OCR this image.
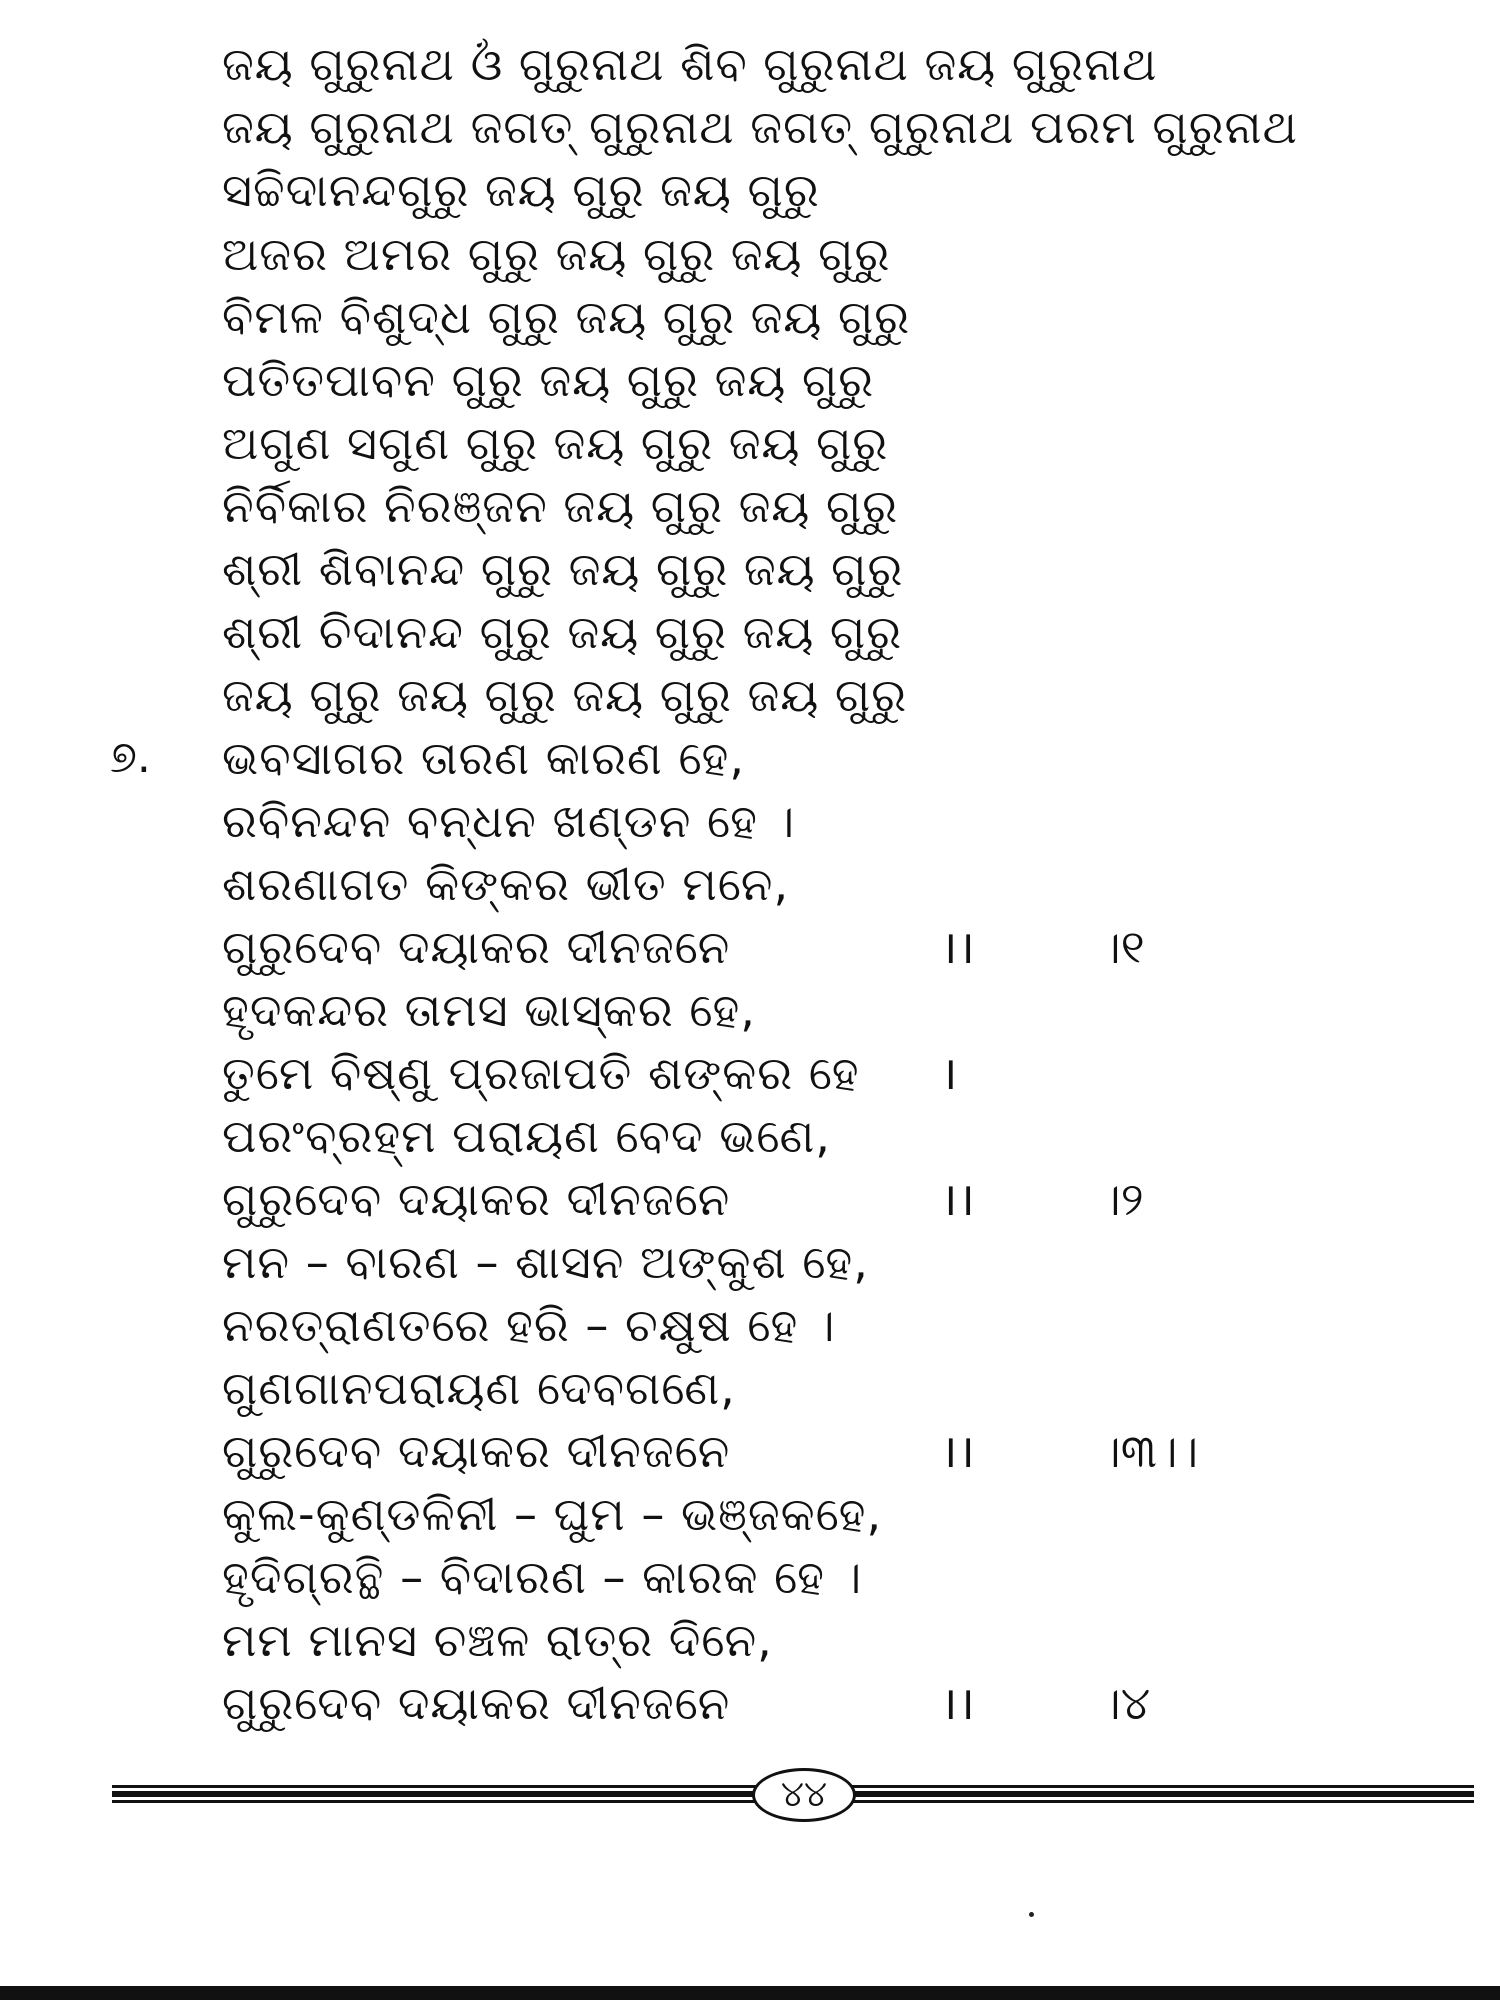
ଜୟ ଗୁରୁନାଥ ଓଁ ଗୁରୁନାଥ ଶିବ ଗୁରୁନାଥ ଜୟ ଗୁରୁନାଥ
ଜୟ ଗୁରୁନାଥ ଜଗତ୍ ଗୁରୁନାଥ ଜଗତ୍ ଗୁରୁନାଥ ପରମ ଗୁରୁନାଥ
ସଚ୍ଚିଦାନନ୍ଦଗୁରୁ ଜୟ ଗୁରୁ ଜୟ ଗୁରୁ
ଅଜର ଅମର ଗୁରୁ ଜୟ ଗୁରୁ ଜୟ ଗୁରୁ
ବିମଳ ବିଶୁଦ୍ଧ ଗୁରୁ ଜୟ ଗୁରୁ ଜୟ ଗୁରୁ
ପତିତପାବନ ଗୁରୁ ଜୟ ଗୁରୁ ଜୟ ଗୁରୁ
ଅଗୁଣ ସଗୁଣ ଗୁରୁ ଜୟ ଗୁରୁ ଜୟ ଗୁରୁ
ନିର୍ବିକାର ନିରଞ୍ଜନ ଜୟ ଗୁରୁ ଜୟ ଗୁରୁ
ଶ୍ରୀ ଶିବାନନ୍ଦ ଗୁରୁ ଜୟ ଗୁରୁ ଜୟ ଗୁରୁ
ଶ୍ରୀ ଚିଦାନନ୍ଦ ଗୁରୁ ଜୟ ଗୁରୁ ଜୟ ଗୁରୁ
ଜୟ ଗୁରୁ ଜୟ ଗୁରୁ ଜୟ ଗୁରୁ ଜୟ ଗୁରୁ
୭. ଭବସାଗର ତାରଣ କାରଣ ହେ,
ରବିନନ୍ଦନ ବନ୍ଧନ ଖଣ୍ଡନ ହେ ।
ଶରଣାଗତ କିଙ୍କର ଭୀତ ମନେ,
ଗୁରୁଦେବ ଦୟାକର ଦୀନଜନେ	।।	।୧
ହୃଦକନ୍ଦର ତାମସ ଭାସ୍କର ହେ,
ତୁମେ ବିଷ୍ଣୁ ପ୍ରଜାପତି ଶଙ୍କର ହେ ।
ପରଂବ୍ରହ୍ମ ପରାୟଣ ବେଦ ଭଣେ,
ଗୁରୁଦେବ ଦୟାକର ଦୀନଜନେ	।।	।୨
ମନ – ବାରଣ – ଶାସନ ଅଙ୍କୁଶ ହେ,
ନରତ୍ରାଣତରେ ହରି – ଚକ୍ଷୁଷ ହେ ।
ଗୁଣଗାନପରାୟଣ ଦେବଗଣେ,
ଗୁରୁଦେବ ଦୟାକର ଦୀନଜନେ	।।	।୩।।
କୁଲ-କୁଣ୍ଡଳିନୀ – ଘୁମ – ଭଞ୍ଜକହେ,
ହୃଦିଗ୍ରନ୍ଥି – ବିଦାରଣ – କାରକ ହେ ।
ମମ ମାନସ ଚଞ୍ଚଳ ରାତ୍ର ଦିନେ,
ଗୁରୁଦେବ ଦୟାକର ଦୀନଜନେ	।।	।୪
୪୪
